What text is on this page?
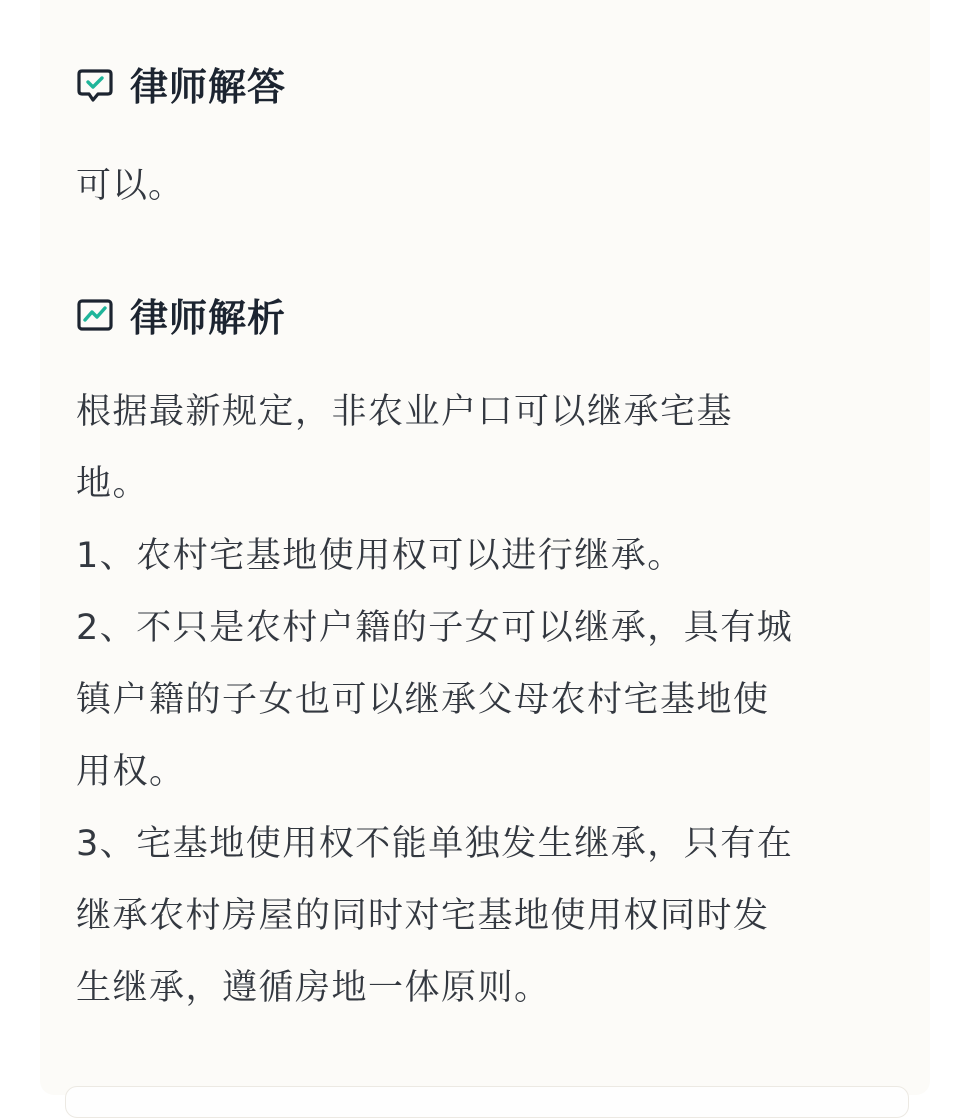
律师解答
可以。
律师解析

根据最新规定，非农业户口可以继承宅基
地。

1、农村宅基地使用权可以进行继承。

2、不只是农村户籍的子女可以继承，具有城
镇户籍的子女也可以继承父母农村宅基地使
用权。

3、宅基地使用权不能单独发生继承，只有在
继承农村房屋的同时对宅基地使用权同时发
生继承，遵循房地一体原则。
